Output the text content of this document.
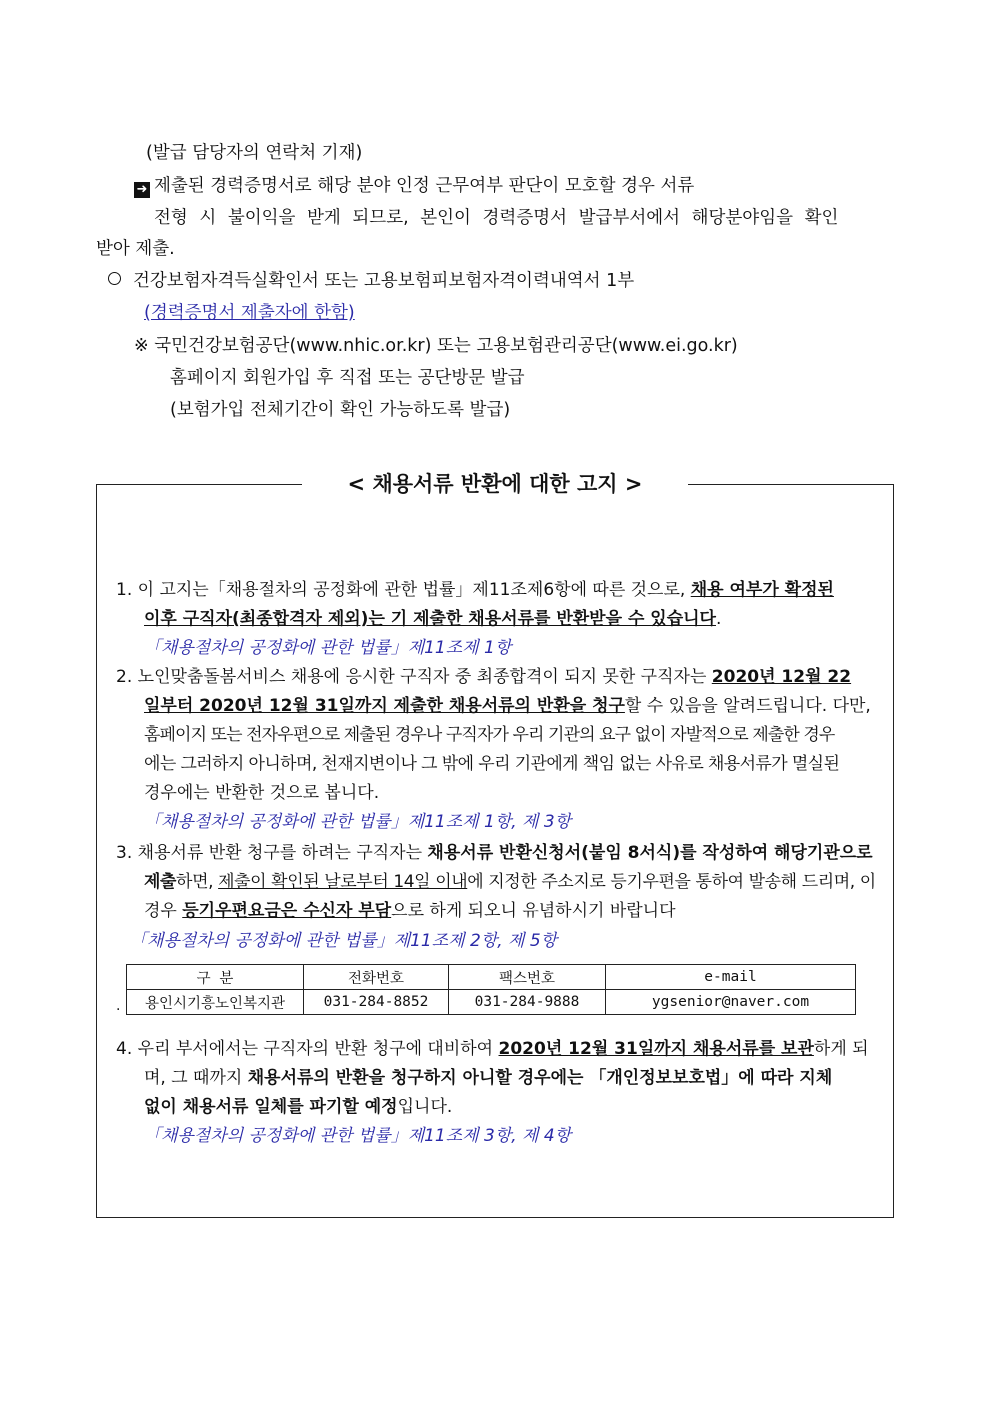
(발급 담당자의 연락처 기재)
➜ 제출된 경력증명서로 해당 분야 인정 근무여부 판단이 모호할 경우 서류
전형 시 불이익을 받게 되므로, 본인이 경력증명서 발급부서에서 해당분야임을 확인
받아 제출.
건강보험자격득실확인서 또는 고용보험피보험자격이력내역서 1부
(경력증명서 제출자에 한함)
※ 국민건강보험공단(www.nhic.or.kr) 또는 고용보험관리공단(www.ei.go.kr)
홈페이지 회원가입 후 직접 또는 공단방문 발급
(보험가입 전체기간이 확인 가능하도록 발급)
< 채용서류 반환에 대한 고지 >
1. 이 고지는「채용절차의 공정화에 관한 법률」제11조제6항에 따른 것으로, 채용 여부가 확정된
이후 구직자(최종합격자 제외)는 기 제출한 채용서류를 반환받을 수 있습니다.
「채용절차의 공정화에 관한 법률」제11조제 1항
2. 노인맞춤돌봄서비스 채용에 응시한 구직자 중 최종합격이 되지 못한 구직자는 2020년 12월 22
일부터 2020년 12월 31일까지 제출한 채용서류의 반환을 청구할 수 있음을 알려드립니다. 다만,
홈페이지 또는 전자우편으로 제출된 경우나 구직자가 우리 기관의 요구 없이 자발적으로 제출한 경우
에는 그러하지 아니하며, 천재지변이나 그 밖에 우리 기관에게 책임 없는 사유로 채용서류가 멸실된
경우에는 반환한 것으로 봅니다.
「채용절차의 공정화에 관한 법률」제11조제 1항, 제 3항
3. 채용서류 반환 청구를 하려는 구직자는 채용서류 반환신청서(붙임 8서식)를 작성하여 해당기관으로
제출하면, 제출이 확인된 날로부터 14일 이내에 지정한 주소지로 등기우편을 통하여 발송해 드리며, 이
경우 등기우편요금은 수신자 부담으로 하게 되오니 유념하시기 바랍니다
「채용절차의 공정화에 관한 법률」제11조제 2항, 제 5항
구 분	전화번호	팩스번호	e-mail
용인시기흥노인복지관	031-284-8852	031-284-9888	ygsenior@naver.com
.
4. 우리 부서에서는 구직자의 반환 청구에 대비하여 2020년 12월 31일까지 채용서류를 보관하게 되
며, 그 때까지 채용서류의 반환을 청구하지 아니할 경우에는 「개인정보보호법」에 따라 지체
없이 채용서류 일체를 파기할 예정입니다.
「채용절차의 공정화에 관한 법률」제11조제 3항, 제 4항
